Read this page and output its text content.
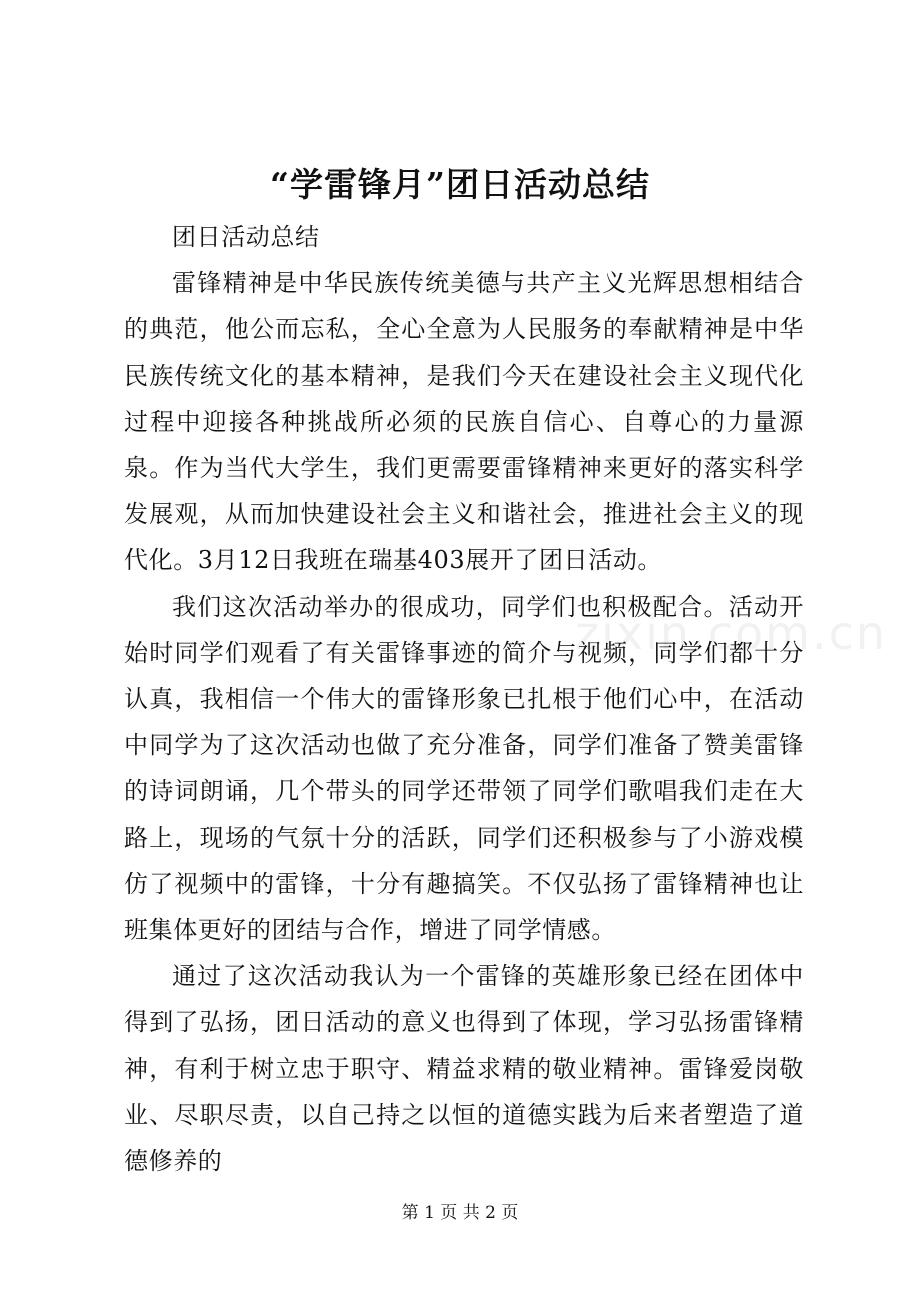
“学雷锋月”团日活动总结

团日活动总结

雷锋精神是中华民族传统美德与共产主义光辉思想相结合的典范，他公而忘私，全心全意为人民服务的奉献精神是中华民族传统文化的基本精神，是我们今天在建设社会主义现代化过程中迎接各种挑战所必须的民族自信心、自尊心的力量源泉。作为当代大学生，我们更需要雷锋精神来更好的落实科学发展观，从而加快建设社会主义和谐社会，推进社会主义的现代化。3月12日我班在瑞基403展开了团日活动。

我们这次活动举办的很成功，同学们也积极配合。活动开始时同学们观看了有关雷锋事迹的简介与视频，同学们都十分认真，我相信一个伟大的雷锋形象已扎根于他们心中，在活动中同学为了这次活动也做了充分准备，同学们准备了赞美雷锋的诗词朗诵，几个带头的同学还带领了同学们歌唱我们走在大路上，现场的气氛十分的活跃，同学们还积极参与了小游戏模仿了视频中的雷锋，十分有趣搞笑。不仅弘扬了雷锋精神也让班集体更好的团结与合作，增进了同学情感。

通过了这次活动我认为一个雷锋的英雄形象已经在团体中得到了弘扬，团日活动的意义也得到了体现，学习弘扬雷锋精神，有利于树立忠于职守、精益求精的敬业精神。雷锋爱岗敬业、尽职尽责，以自己持之以恒的道德实践为后来者塑造了道德修养的

zixin.com.cn
第 1 页 共 2 页
